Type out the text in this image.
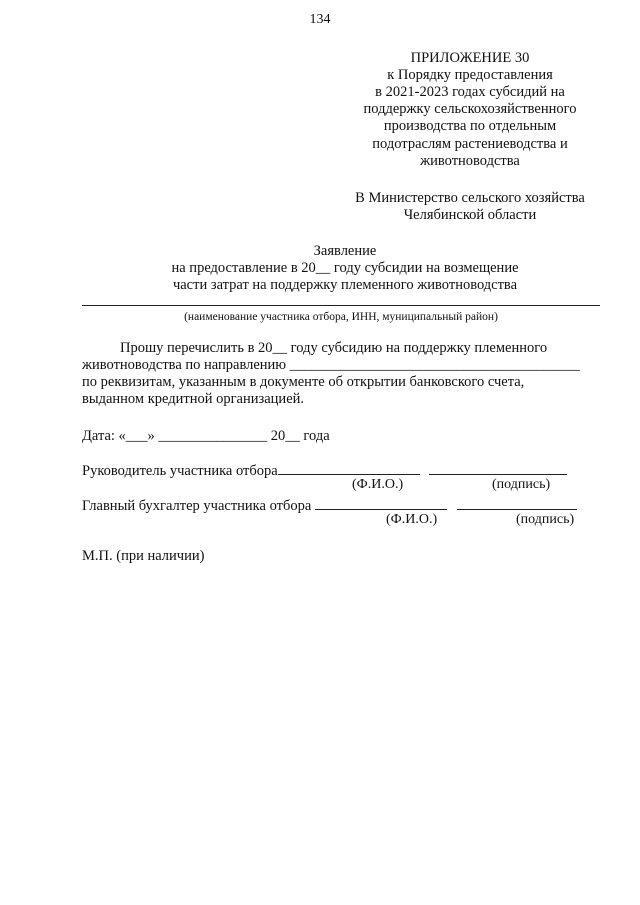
134
ПРИЛОЖЕНИЕ 30
к Порядку предоставления
в 2021-2023 годах субсидий на
поддержку сельскохозяйственного
производства по отдельным
подотраслям растениеводства и
животноводства
В Министерство сельского хозяйства
Челябинской области
Заявление
на предоставление в 20__ году субсидии на возмещение
части затрат на поддержку племенного животноводства
(наименование участника отбора, ИНН, муниципальный район)

Прошу перечислить в 20__ году субсидию на поддержку племенного

животноводства по направлению ________________________________________

по реквизитам, указанным в документе об открытии банковского счета,

выданном кредитной организацией.

Дата: «___» _______________ 20__ года
Руководитель участника отбора
(Ф.И.О.)	(подпись)
Главный бухгалтер участника отбора
(Ф.И.О.)	(подпись)
М.П. (при наличии)
